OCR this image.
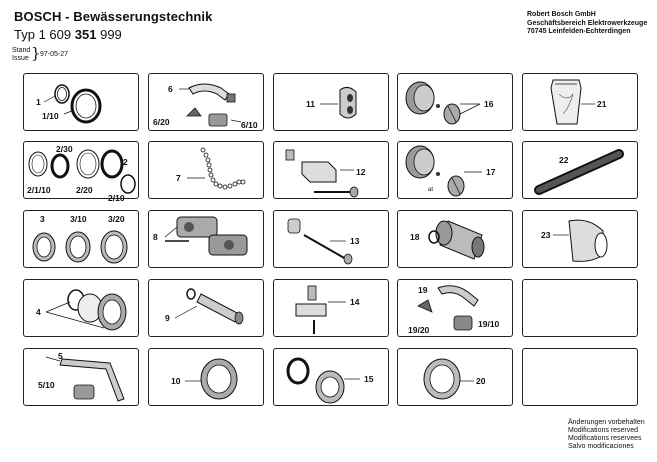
BOSCH - Bewässerungstechnik
Typ 1 609 351 999
Stand
Issue } 97-05-27
Robert Bosch GmbH
Geschäftsbereich Elektrowerkzeuge
70745 Leinfelden-Echterdingen
1
1/10
6
6/20	6/10
11	16	21
2/30
2
2/1/10	2/20
2/10
7
12	17
at
22
3	3/10	3/20
8	13	18	23
4
9
14
19
19/20
19/10
5
5/10	10	15	20
Änderungen vorbehalten
Modifications reserved
Modifications reservees
Salvo modificaciones
